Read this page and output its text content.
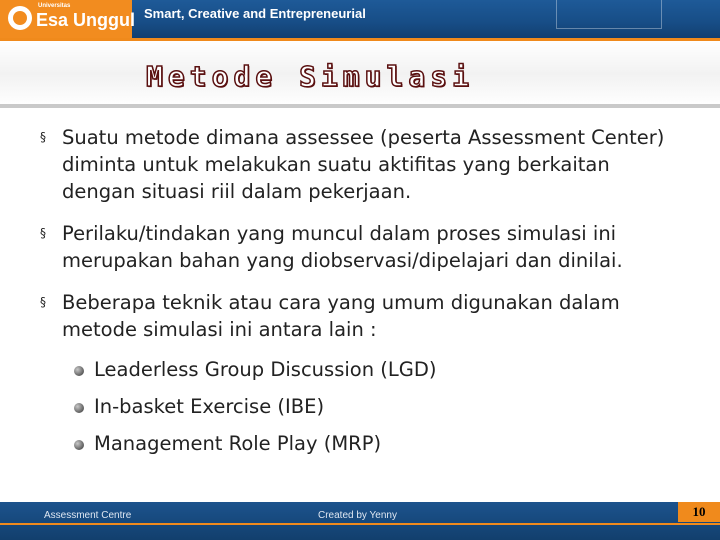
Universitas
Esa Unggul Smart, Creative and Entrepreneurial
Metode Simulasi
§ Suatu metode dimana assessee (peserta Assessment Center) diminta untuk melakukan suatu aktifitas yang berkaitan dengan situasi riil dalam pekerjaan.
§ Perilaku/tindakan yang muncul dalam proses simulasi ini merupakan bahan yang diobservasi/dipelajari dan dinilai.
§ Beberapa teknik atau cara yang umum digunakan dalam metode simulasi ini antara lain :
Leaderless Group Discussion (LGD)
In-basket Exercise (IBE)
Management Role Play (MRP)
Assessment Centre	Created by Yenny	10
